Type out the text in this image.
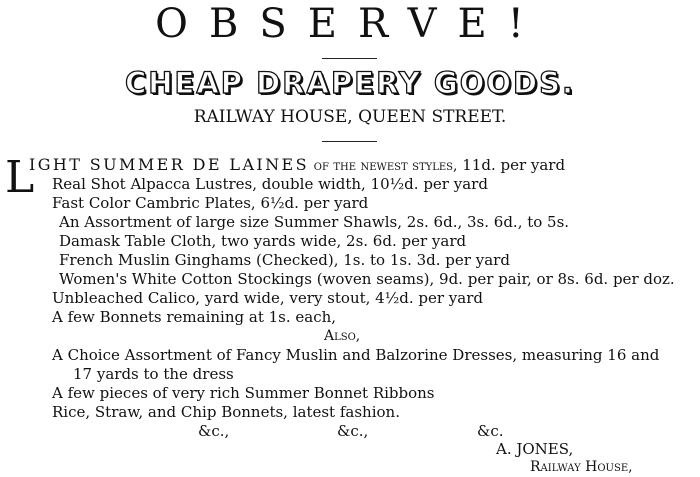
OBSERVE!
CHEAP DRAPERY GOODS.
RAILWAY HOUSE, QUEEN STREET.
L
IGHT SUMMER DE LAINES of the newest styles, 11d. per yard
Real Shot Alpacca Lustres, double width, 10½d. per yard
Fast Color Cambric Plates, 6½d. per yard
An Assortment of large size Summer Shawls, 2s. 6d., 3s. 6d., to 5s.
Damask Table Cloth, two yards wide, 2s. 6d. per yard
French Muslin Ginghams (Checked), 1s. to 1s. 3d. per yard
Women's White Cotton Stockings (woven seams), 9d. per pair, or 8s. 6d. per doz.
Unbleached Calico, yard wide, very stout, 4½d. per yard
A few Bonnets remaining at 1s. each,
Also,
A Choice Assortment of Fancy Muslin and Balzorine Dresses, measuring 16 and
17 yards to the dress
A few pieces of very rich Summer Bonnet Ribbons
Rice, Straw, and Chip Bonnets, latest fashion.
&c.,	&c.,	&c.
A. JONES,
Railway House,
